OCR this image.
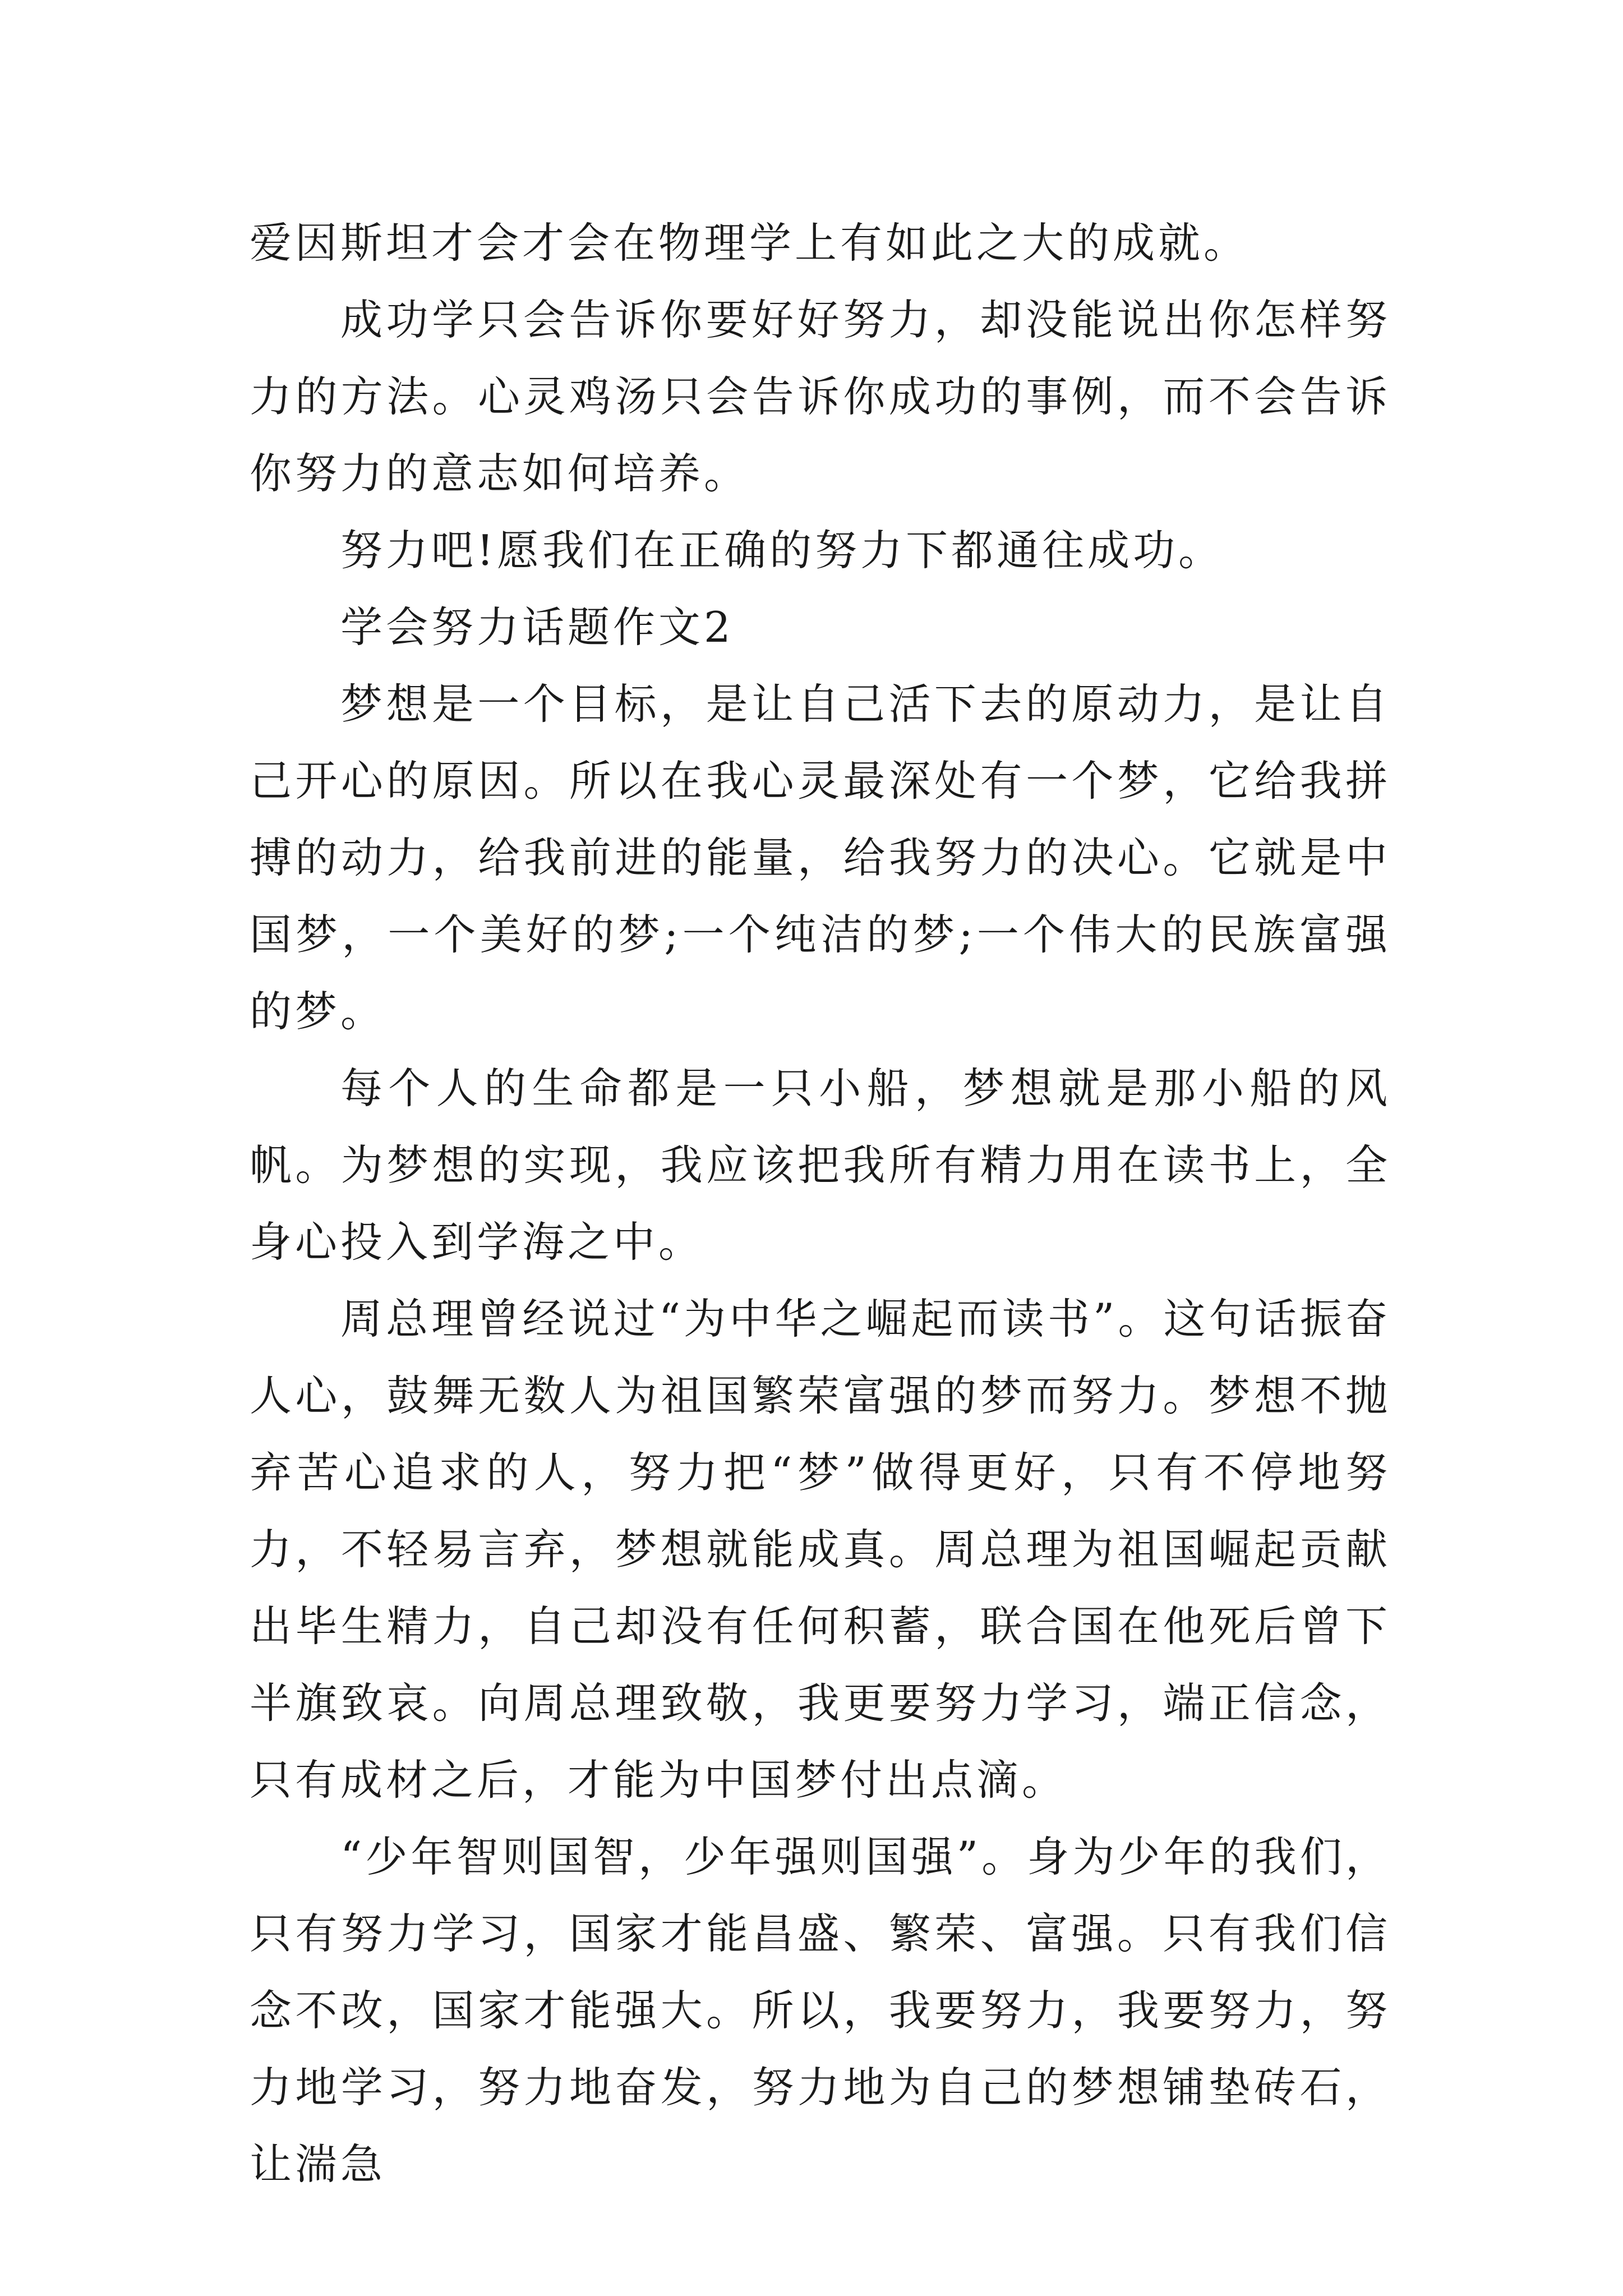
爱因斯坦才会才会在物理学上有如此之大的成就。

成功学只会告诉你要好好努力，却没能说出你怎样努力的方法。心灵鸡汤只会告诉你成功的事例，而不会告诉你努力的意志如何培养。

努力吧!愿我们在正确的努力下都通往成功。

学会努力话题作文2

梦想是一个目标，是让自己活下去的原动力，是让自己开心的原因。所以在我心灵最深处有一个梦，它给我拼搏的动力，给我前进的能量，给我努力的决心。它就是中国梦，一个美好的梦;一个纯洁的梦;一个伟大的民族富强的梦。

每个人的生命都是一只小船，梦想就是那小船的风帆。为梦想的实现，我应该把我所有精力用在读书上，全身心投入到学海之中。

周总理曾经说过“为中华之崛起而读书”。这句话振奋人心，鼓舞无数人为祖国繁荣富强的梦而努力。梦想不抛弃苦心追求的人，努力把“梦”做得更好，只有不停地努力，不轻易言弃，梦想就能成真。周总理为祖国崛起贡献出毕生精力，自己却没有任何积蓄，联合国在他死后曾下半旗致哀。向周总理致敬，我更要努力学习，端正信念，只有成材之后，才能为中国梦付出点滴。

“少年智则国智，少年强则国强”。身为少年的我们，只有努力学习，国家才能昌盛、繁荣、富强。只有我们信念不改，国家才能强大。所以，我要努力，我要努力，努力地学习，努力地奋发，努力地为自己的梦想铺垫砖石，让湍急
